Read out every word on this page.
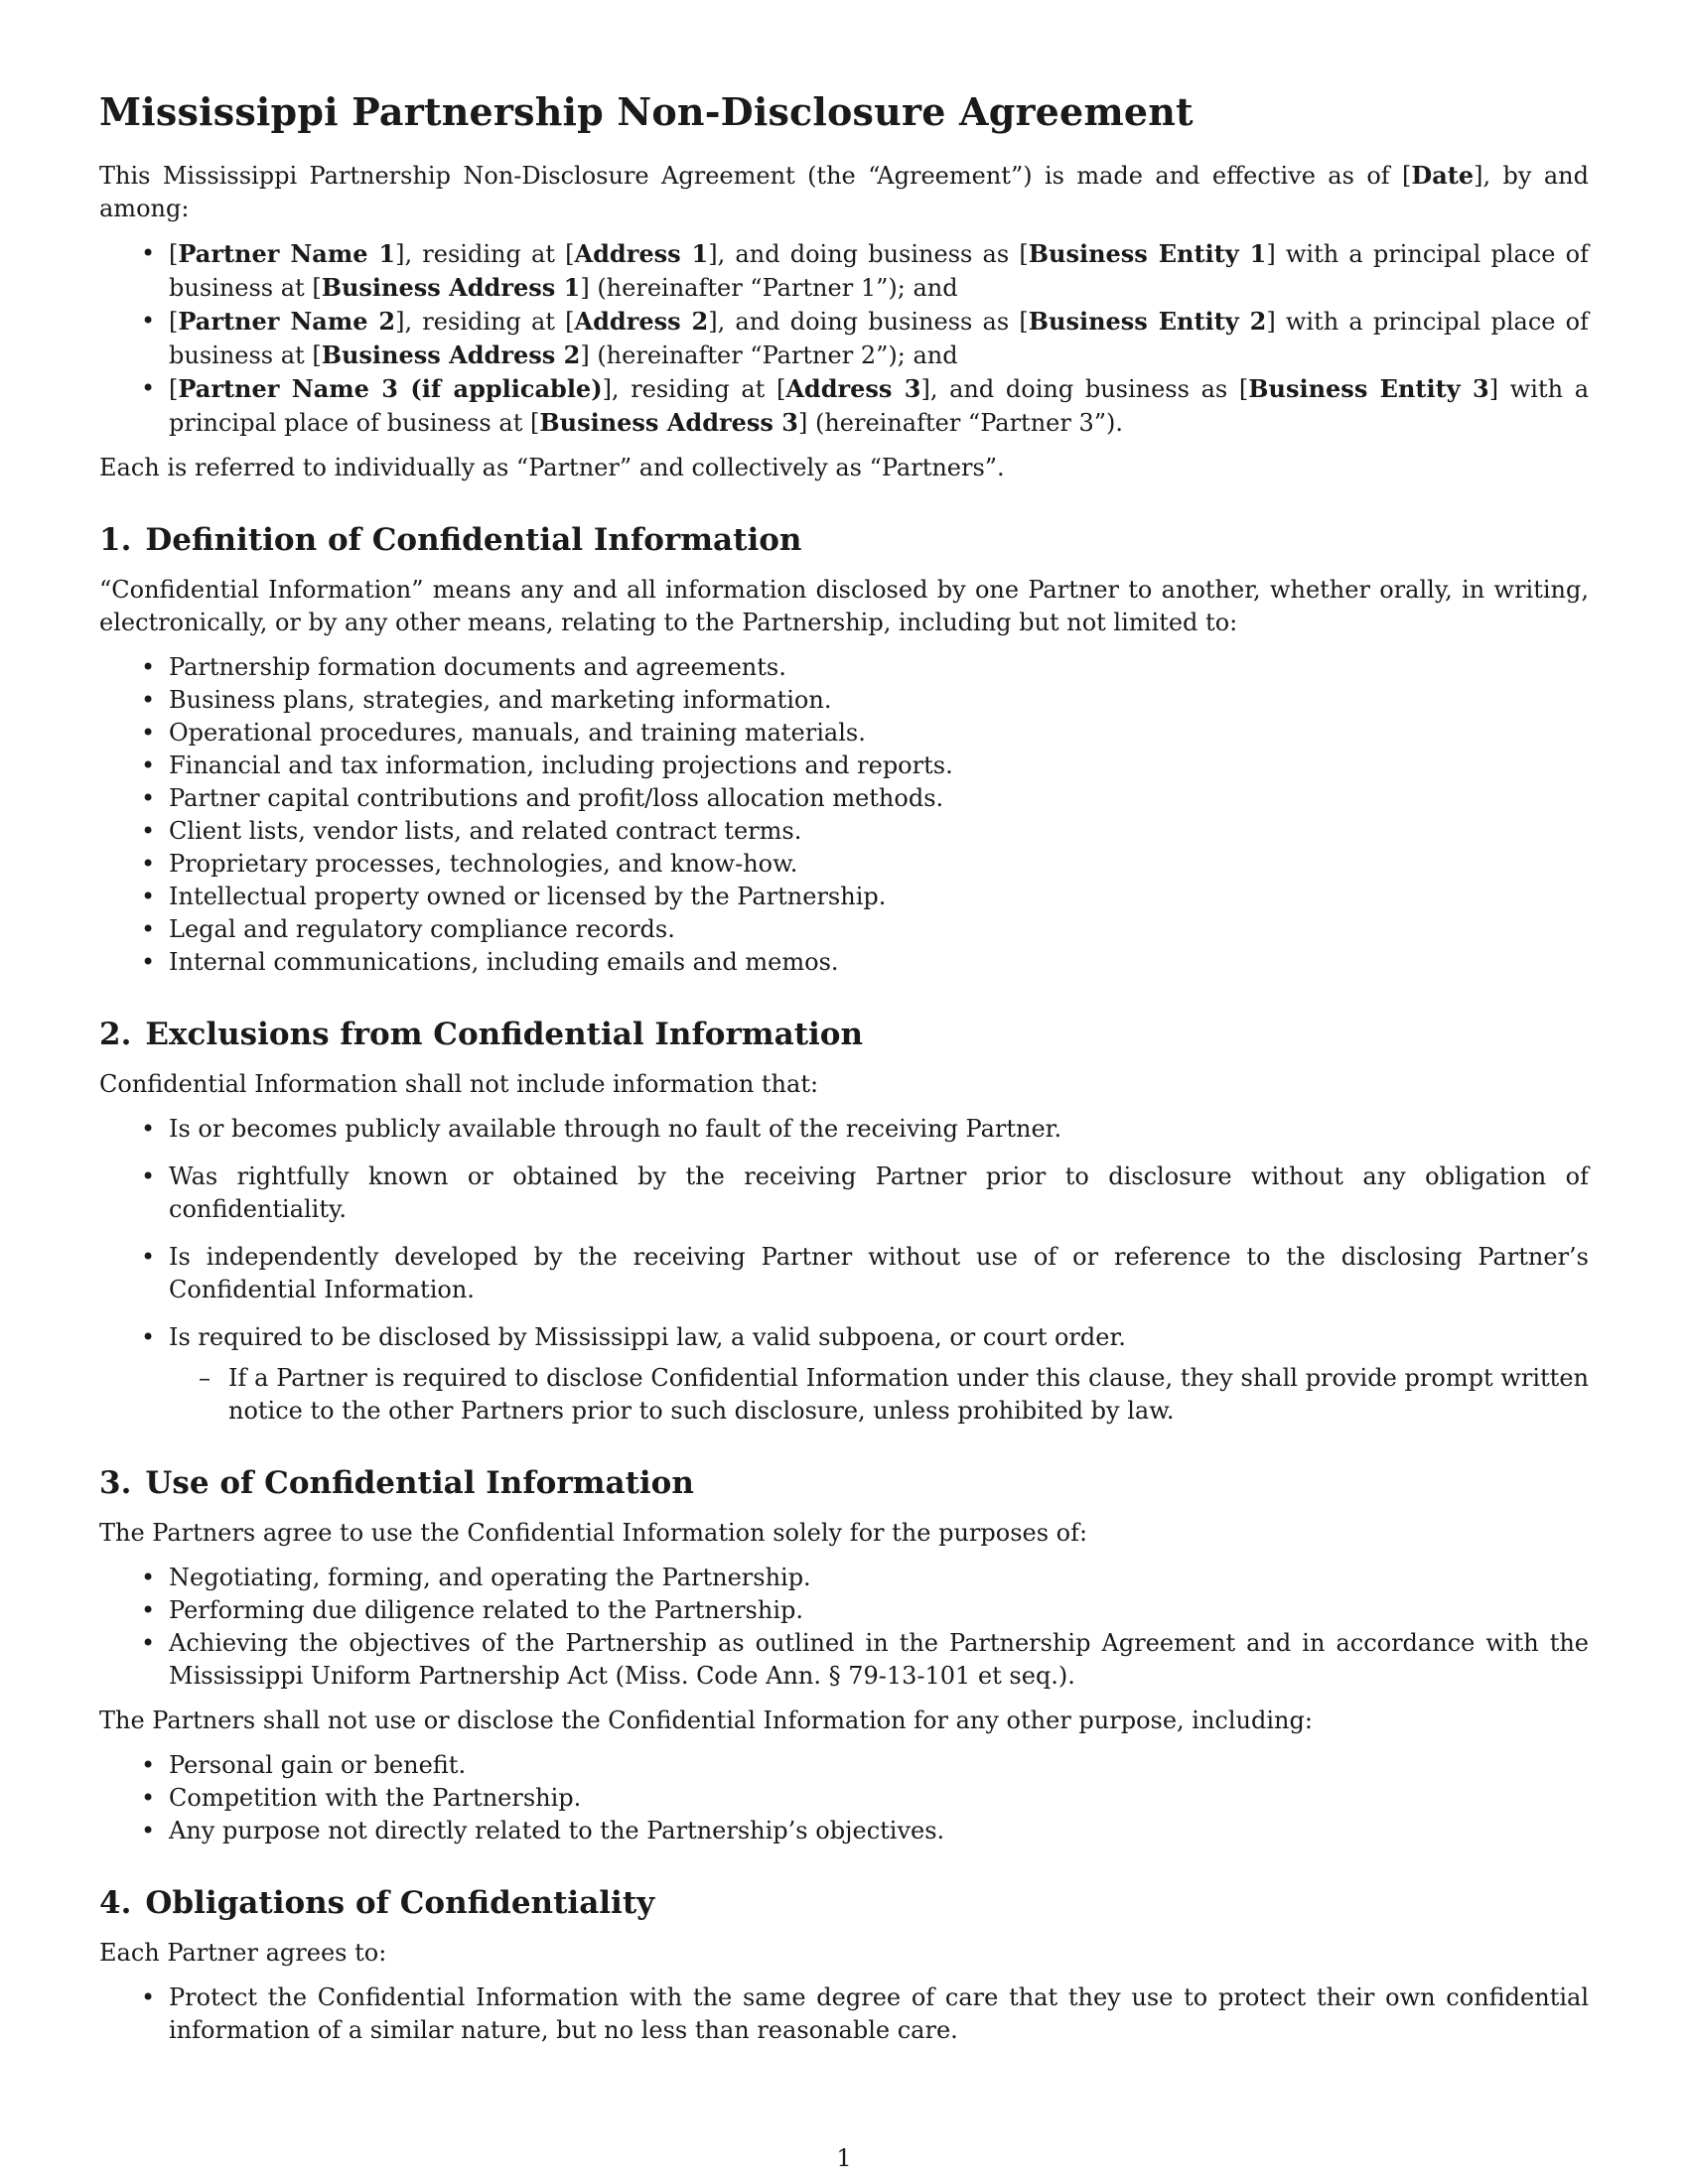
Mississippi Partnership Non-Disclosure Agreement

This Mississippi Partnership Non-Disclosure Agreement (the “Agreement”) is made and effective as of [Date], by and among:

• [Partner Name 1], residing at [Address 1], and doing business as [Business Entity 1] with a principal place of business at [Business Address 1] (hereinafter “Partner 1”); and
• [Partner Name 2], residing at [Address 2], and doing business as [Business Entity 2] with a principal place of business at [Business Address 2] (hereinafter “Partner 2”); and
• [Partner Name 3 (if applicable)], residing at [Address 3], and doing business as [Business Entity 3] with a principal place of business at [Business Address 3] (hereinafter “Partner 3”).

Each is referred to individually as “Partner” and collectively as “Partners”.

1. Definition of Confidential Information

“Confidential Information” means any and all information disclosed by one Partner to another, whether orally, in writing, electronically, or by any other means, relating to the Partnership, including but not limited to:

• Partnership formation documents and agreements.
• Business plans, strategies, and marketing information.
• Operational procedures, manuals, and training materials.
• Financial and tax information, including projections and reports.
• Partner capital contributions and profit/loss allocation methods.
• Client lists, vendor lists, and related contract terms.
• Proprietary processes, technologies, and know-how.
• Intellectual property owned or licensed by the Partnership.
• Legal and regulatory compliance records.
• Internal communications, including emails and memos.
2. Exclusions from Confidential Information

Confidential Information shall not include information that:

• Is or becomes publicly available through no fault of the receiving Partner.
• Was rightfully known or obtained by the receiving Partner prior to disclosure without any obligation of confidentiality.
• Is independently developed by the receiving Partner without use of or reference to the disclosing Partner’s Confidential Information.
• Is required to be disclosed by Mississippi law, a valid subpoena, or court order.
– If a Partner is required to disclose Confidential Information under this clause, they shall provide prompt written notice to the other Partners prior to such disclosure, unless prohibited by law.
3. Use of Confidential Information

The Partners agree to use the Confidential Information solely for the purposes of:

• Negotiating, forming, and operating the Partnership.
• Performing due diligence related to the Partnership.
• Achieving the objectives of the Partnership as outlined in the Partnership Agreement and in accordance with the Mississippi Uniform Partnership Act (Miss. Code Ann. § 79-13-101 et seq.).

The Partners shall not use or disclose the Confidential Information for any other purpose, including:

• Personal gain or benefit.
• Competition with the Partnership.
• Any purpose not directly related to the Partnership’s objectives.
4. Obligations of Confidentiality

Each Partner agrees to:

• Protect the Confidential Information with the same degree of care that they use to protect their own confidential information of a similar nature, but no less than reasonable care.
1
